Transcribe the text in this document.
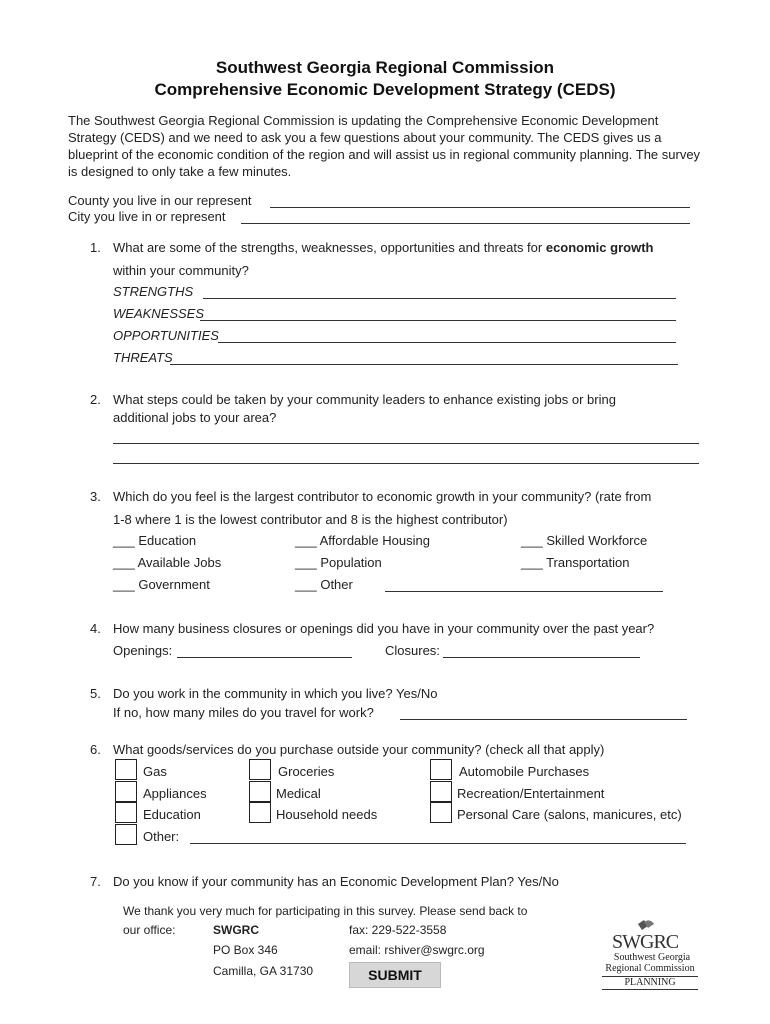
Southwest Georgia Regional Commission
Comprehensive Economic Development Strategy (CEDS)
The Southwest Georgia Regional Commission is updating the Comprehensive Economic Development Strategy (CEDS) and we need to ask you a few questions about your community. The CEDS gives us a blueprint of the economic condition of the region and will assist us in regional community planning. The survey is designed to only take a few minutes.
County you live in our represent
City you live in or represent
1. What are some of the strengths, weaknesses, opportunities and threats for economic growth
within your community?
STRENGTHS
WEAKNESSES
OPPORTUNITIES
THREATS
2. What steps could be taken by your community leaders to enhance existing jobs or bring
additional jobs to your area?
3. Which do you feel is the largest contributor to economic growth in your community? (rate from
1-8 where 1 is the lowest contributor and 8 is the highest contributor)
___ Education	___ Affordable Housing	___ Skilled Workforce
___ Available Jobs	___ Population	___ Transportation
___ Government	___ Other
4. How many business closures or openings did you have in your community over the past year?
Openings:	Closures:
5. Do you work in the community in which you live? Yes/No
If no, how many miles do you travel for work?
6. What goods/services do you purchase outside your community? (check all that apply)
Gas	Groceries	Automobile Purchases
Appliances	Medical	Recreation/Entertainment
Education	Household needs	Personal Care (salons, manicures, etc)
Other:
7. Do you know if your community has an Economic Development Plan? Yes/No
We thank you very much for participating in this survey. Please send back to
our office:	SWGRC
PO Box 346
Camilla, GA 31730
fax: 229-522-3558
email: rshiver@swgrc.org
SUBMIT
SWGRC
Southwest Georgia
Regional Commission
PLANNING
